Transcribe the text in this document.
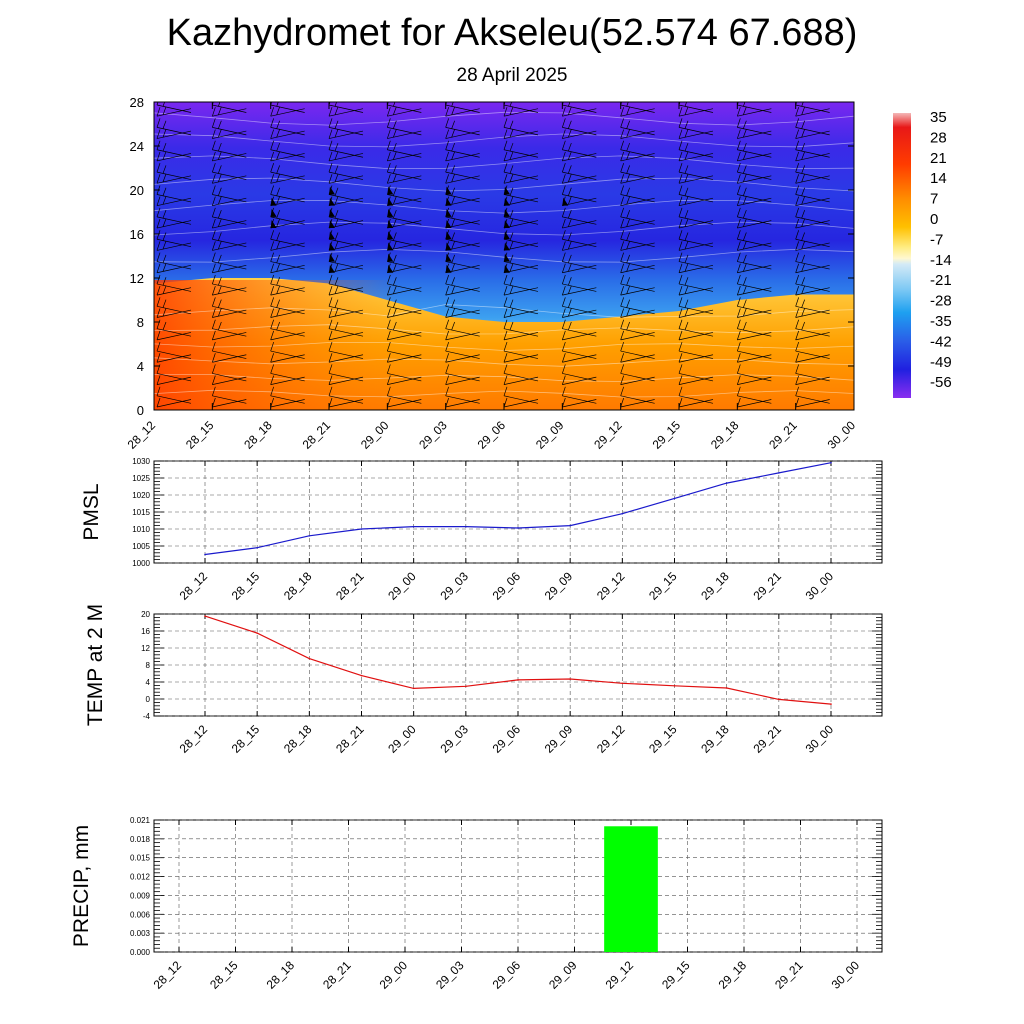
Kazhydromet for Akseleu(52.574 67.688)
28 April 2025
0
4
8
12
16
20
24
28
28_12 28_15 28_18 28_21 29_00 29_03 29_06 29_09 29_12 29_15 29_18 29_21 30_00
35
28
21
14
7
0
-7
-14
-21
-28
-35
-42
-49
-56
1000
1005
1010
1015
1020
1025
1030
28_12 28_15 28_18 28_21 29_00 29_03 29_06 29_09 29_12 29_15 29_18 29_21 30_00
PMSL
-4
0
4
8
12
16
20
28_12 28_15 28_18 28_21 29_00 29_03 29_06 29_09 29_12 29_15 29_18 29_21 30_00
TEMP at 2 M
0.000
0.003
0.006
0.009
0.012
0.015
0.018
0.021
28_12 28_15 28_18 28_21 29_00 29_03 29_06 29_09 29_12 29_15 29_18 29_21 30_00
PRECIP, mm
